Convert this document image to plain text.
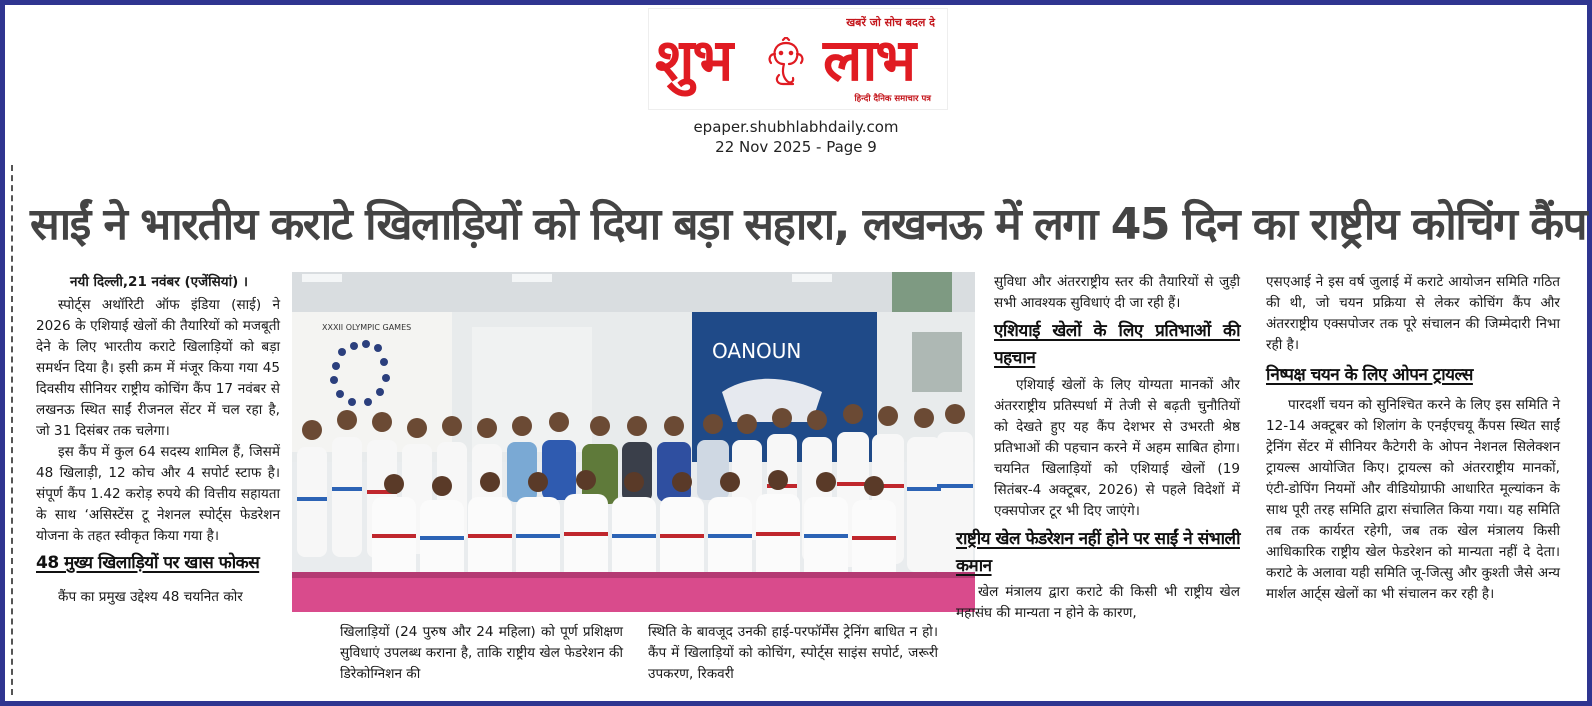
खबरें जो सोच बदल दे
शुभ लाभ
हिन्दी दैनिक समाचार पत्र
epaper.shubhlabhdaily.com
22 Nov 2025 - Page 9
साईं ने भारतीय कराटे खिलाड़ियों को दिया बड़ा सहारा, लखनऊ में लगा 45 दिन का राष्ट्रीय कोचिंग कैंप
नयी दिल्ली,21 नवंबर (एजेंसियां) ।

स्पोर्ट्स अथॉरिटी ऑफ इंडिया (साई) ने 2026 के एशियाई खेलों की तैयारियों को मजबूती देने के लिए भारतीय कराटे खिलाड़ियों को बड़ा समर्थन दिया है। इसी क्रम में मंजूर किया गया 45 दिवसीय सीनियर राष्ट्रीय कोचिंग कैंप 17 नवंबर से लखनऊ स्थित साईं रीजनल सेंटर में चल रहा है, जो 31 दिसंबर तक चलेगा।

इस कैंप में कुल 64 सदस्य शामिल हैं, जिसमें 48 खिलाड़ी, 12 कोच और 4 सपोर्ट स्टाफ है। संपूर्ण कैंप 1.42 करोड़ रुपये की वित्तीय सहायता के साथ ‘असिस्टेंस टू नेशनल स्पोर्ट्स फेडरेशन योजना के तहत स्वीकृत किया गया है।

48 मुख्य खिलाड़ियों पर खास फोकस

कैंप का प्रमुख उद्देश्य 48 चयनित कोर

XXXII OLYMPIC GAMES
OANOUN

खिलाड़ियों (24 पुरुष और 24 महिला) को पूर्ण प्रशिक्षण सुविधाएं उपलब्ध कराना है, ताकि राष्ट्रीय खेल फेडरेशन की डिरेकोग्निशन की

स्थिति के बावजूद उनकी हाई-परफॉर्मेंस ट्रेनिंग बाधित न हो। कैंप में खिलाड़ियों को कोचिंग, स्पोर्ट्स साइंस सपोर्ट, जरूरी उपकरण, रिकवरी

सुविधा और अंतरराष्ट्रीय स्तर की तैयारियों से जुड़ी सभी आवश्यक सुविधाएं दी जा रही हैं।

एशियाई खेलों के लिए प्रतिभाओं की पहचान

एशियाई खेलों के लिए योग्यता मानकों और अंतरराष्ट्रीय प्रतिस्पर्धा में तेजी से बढ़ती चुनौतियों को देखते हुए यह कैंप देशभर से उभरती श्रेष्ठ प्रतिभाओं की पहचान करने में अहम साबित होगा। चयनित खिलाड़ियों को एशियाई खेलों (19 सितंबर-4 अक्टूबर, 2026) से पहले विदेशों में एक्सपोजर टूर भी दिए जाएंगे।

राष्ट्रीय खेल फेडरेशन नहीं होने पर साईं ने संभाली कमान

खेल मंत्रालय द्वारा कराटे की किसी भी राष्ट्रीय खेल महासंघ की मान्यता न होने के कारण,

एसएआई ने इस वर्ष जुलाई में कराटे आयोजन समिति गठित की थी, जो चयन प्रक्रिया से लेकर कोचिंग कैंप और अंतरराष्ट्रीय एक्सपोजर तक पूरे संचालन की जिम्मेदारी निभा रही है।

निष्पक्ष चयन के लिए ओपन ट्रायल्स

पारदर्शी चयन को सुनिश्चित करने के लिए इस समिति ने 12-14 अक्टूबर को शिलांग के एनईएचयू कैंपस स्थित साईं ट्रेनिंग सेंटर में सीनियर कैटेगरी के ओपन नेशनल सिलेक्शन ट्रायल्स आयोजित किए। ट्रायल्स को अंतरराष्ट्रीय मानकों, एंटी-डोपिंग नियमों और वीडियोग्राफी आधारित मूल्यांकन के साथ पूरी तरह समिति द्वारा संचालित किया गया। यह समिति तब तक कार्यरत रहेगी, जब तक खेल मंत्रालय किसी आधिकारिक राष्ट्रीय खेल फेडरेशन को मान्यता नहीं दे देता। कराटे के अलावा यही समिति जू-जित्सु और कुश्ती जैसे अन्य मार्शल आर्ट्स खेलों का भी संचालन कर रही है।
